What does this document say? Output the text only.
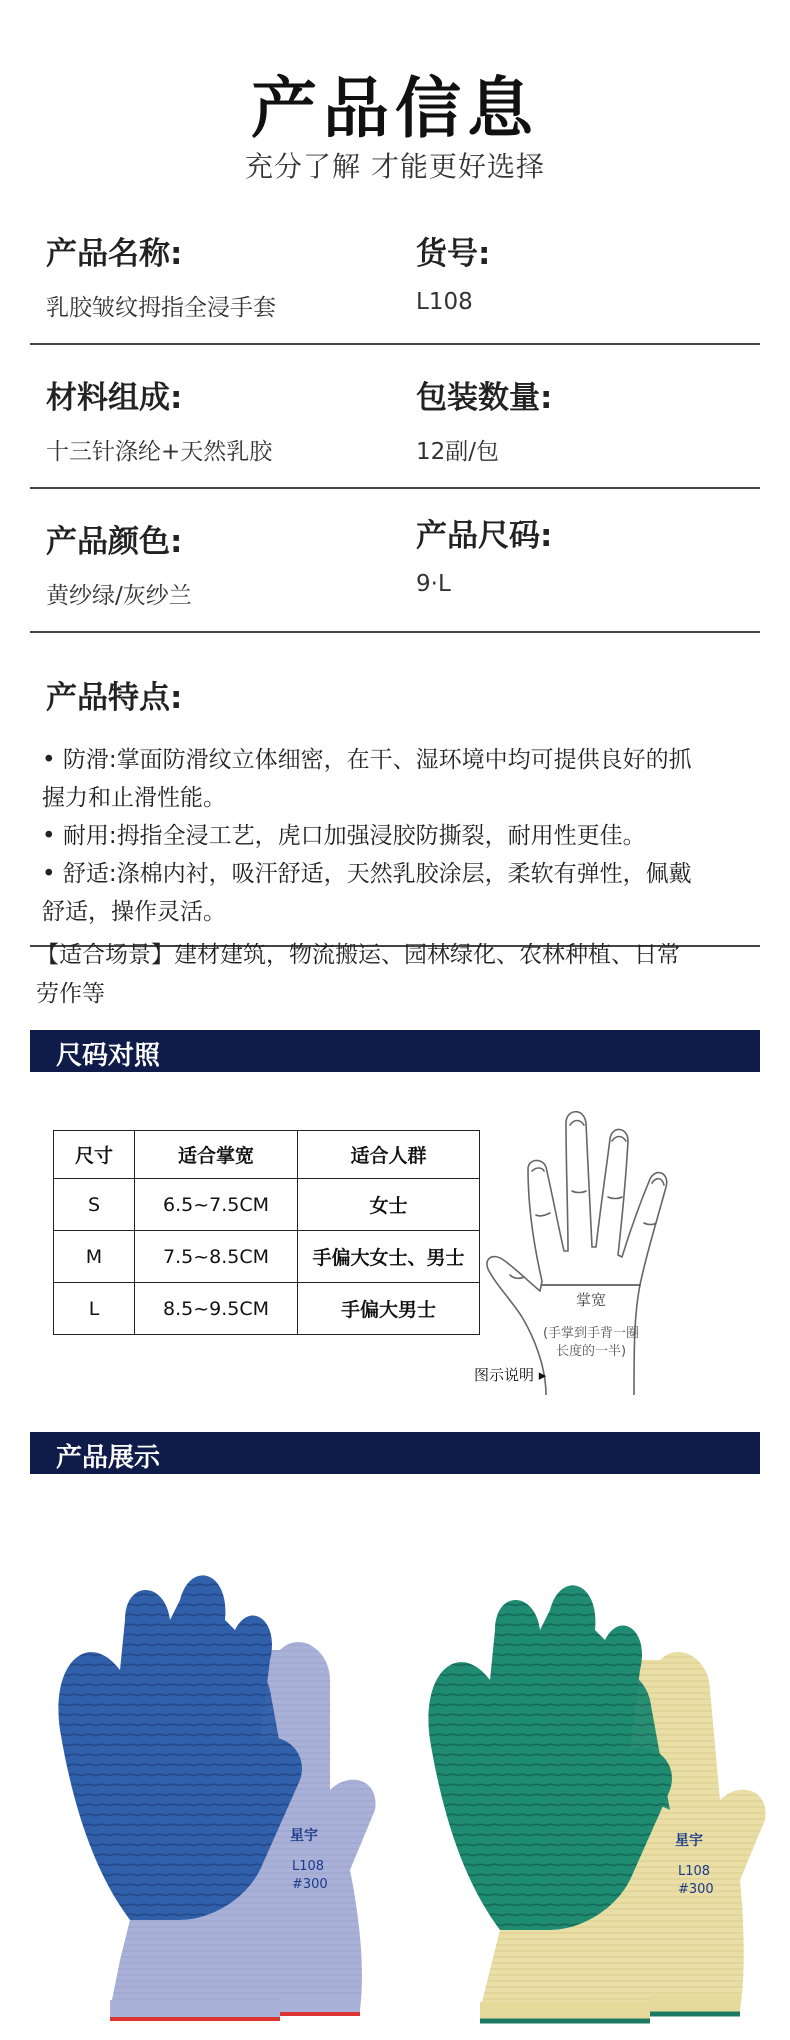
产品信息
充分了解 才能更好选择
产品名称:
乳胶皱纹拇指全浸手套
货号:
L108
材料组成:
十三针涤纶+天然乳胶
包装数量:
12副/包
产品颜色:
黄纱绿/灰纱兰
产品尺码:
9·L
产品特点:
• 防滑:掌面防滑纹立体细密，在干、湿环境中均可提供良好的抓
握力和止滑性能。
• 耐用:拇指全浸工艺，虎口加强浸胶防撕裂，耐用性更佳。
• 舒适:涤棉内衬，吸汗舒适，天然乳胶涂层，柔软有弹性，佩戴
舒适，操作灵活。
【适合场景】建材建筑，物流搬运、园林绿化、农林种植、日常
劳作等
尺码对照
尺寸	适合掌宽	适合人群
S	6.5~7.5CM	女士
M	7.5~8.5CM	手偏大女士、男士
L	8.5~9.5CM	手偏大男士	掌宽
(手掌到手背一圈
长度的一半)
图示说明 ▸
产品展示
星宇
L108
#300
星宇
L108
#300
